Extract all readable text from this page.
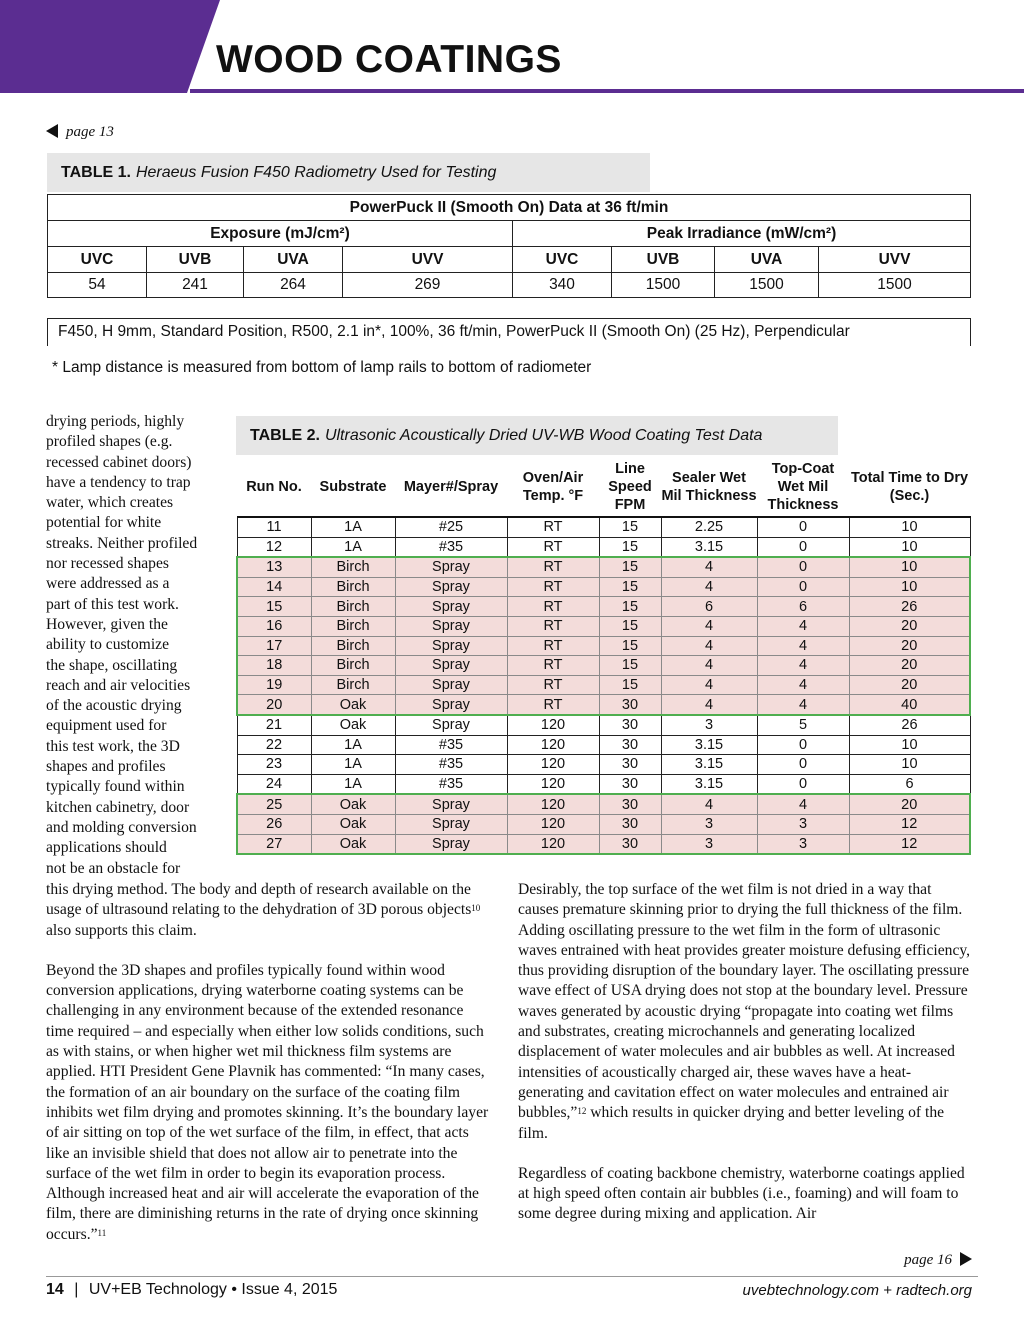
WOOD COATINGS
page 13
TABLE 1. Heraeus Fusion F450 Radiometry Used for Testing
PowerPuck II (Smooth On) Data at 36 ft/min							
Exposure (mJ/cm²)				Peak Irradiance (mW/cm²)			
UVC	UVB	UVA	UVV	UVC	UVB	UVA	UVV
54	241	264	269	340	1500	1500	1500
F450, H 9mm, Standard Position, R500, 2.1 in*, 100%, 36 ft/min, PowerPuck II (Smooth On) (25 Hz), Perpendicular
* Lamp distance is measured from bottom of lamp rails to bottom of radiometer
drying periods, highly
profiled shapes (e.g.
recessed cabinet doors)
have a tendency to trap
water, which creates
potential for white
streaks. Neither profiled
nor recessed shapes
were addressed as a
part of this test work.
However, given the
ability to customize
the shape, oscillating
reach and air velocities
of the acoustic drying
equipment used for
this test work, the 3D
shapes and profiles
typically found within
kitchen cabinetry, door
and molding conversion
applications should
not be an obstacle for
TABLE 2. Ultrasonic Acoustically Dried UV-WB Wood Coating Test Data
Run No.	Substrate	Mayer#/Spray	Oven/Air Temp. °F	Line Speed FPM	Sealer Wet Mil Thickness	Top-Coat Wet Mil Thickness	Total Time to Dry (Sec.)
11	1A	#25	RT	15	2.25	0	10
12	1A	#35	RT	15	3.15	0	10
13	Birch	Spray	RT	15	4	0	10
14	Birch	Spray	RT	15	4	0	10
15	Birch	Spray	RT	15	6	6	26
16	Birch	Spray	RT	15	4	4	20
17	Birch	Spray	RT	15	4	4	20
18	Birch	Spray	RT	15	4	4	20
19	Birch	Spray	RT	15	4	4	20
20	Oak	Spray	RT	30	4	4	40
21	Oak	Spray	120	30	3	5	26
22	1A	#35	120	30	3.15	0	10
23	1A	#35	120	30	3.15	0	10
24	1A	#35	120	30	3.15	0	6
25	Oak	Spray	120	30	4	4	20
26	Oak	Spray	120	30	3	3	12
27	Oak	Spray	120	30	3	3	12

this drying method. The body and depth of research available on the usage of ultrasound relating to the dehydration of 3D porous objects$^{10}$ also supports this claim.

Beyond the 3D shapes and profiles typically found within wood conversion applications, drying waterborne coating systems can be challenging in any environment because of the extended resonance time required – and especially when either low solids conditions, such as with stains, or when higher wet mil thickness film systems are applied. HTI President Gene Plavnik has commented: “In many cases, the formation of an air boundary on the surface of the coating film inhibits wet film drying and promotes skinning. It’s the boundary layer of air sitting on top of the wet surface of the film, in effect, that acts like an invisible shield that does not allow air to penetrate into the surface of the wet film in order to begin its evaporation process. Although increased heat and air will accelerate the evaporation of the film, there are diminishing returns in the rate of drying once skinning occurs.”$^{11}$

Desirably, the top surface of the wet film is not dried in a way that causes premature skinning prior to drying the full thickness of the film. Adding oscillating pressure to the wet film in the form of ultrasonic waves entrained with heat provides greater moisture defusing efficiency, thus providing disruption of the boundary layer. The oscillating pressure wave effect of USA drying does not stop at the boundary level. Pressure waves generated by acoustic drying “propagate into coating wet films and substrates, creating microchannels and generating localized displacement of water molecules and air bubbles as well. At increased intensities of acoustically charged air, these waves have a heat-generating and cavitation effect on water molecules and entrained air bubbles,”$^{12}$ which results in quicker drying and better leveling of the film.

Regardless of coating backbone chemistry, waterborne coatings applied at high speed often contain air bubbles (i.e., foaming) and will foam to some degree during mixing and application. Air

page 16
14 | UV+EB Technology • Issue 4, 2015	uvebtechnology.com + radtech.org
